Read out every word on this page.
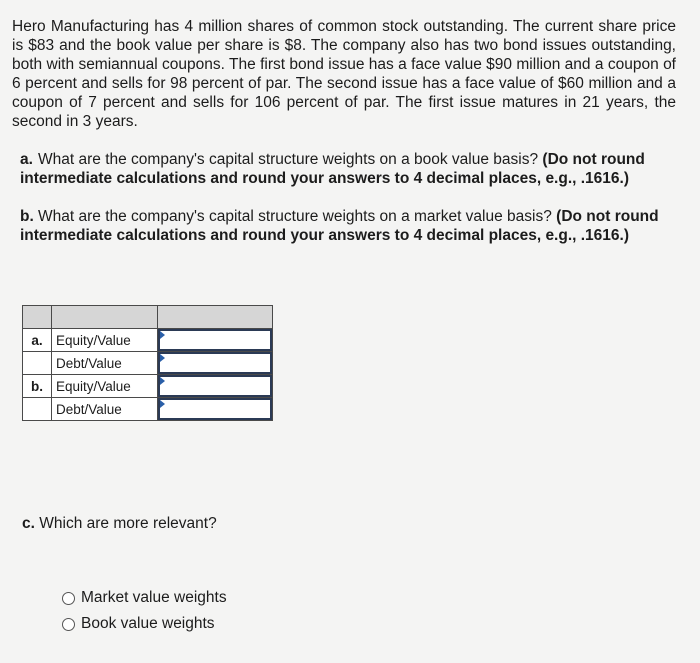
Hero Manufacturing has 4 million shares of common stock outstanding. The current share price is $83 and the book value per share is $8. The company also has two bond issues outstanding, both with semiannual coupons. The first bond issue has a face value $90 million and a coupon of 6 percent and sells for 98 percent of par. The second issue has a face value of $60 million and a coupon of 7 percent and sells for 106 percent of par. The first issue matures in 21 years, the second in 3 years.
a. What are the company's capital structure weights on a book value basis? (Do not round intermediate calculations and round your answers to 4 decimal places, e.g., .1616.)
b. What are the company's capital structure weights on a market value basis? (Do not round intermediate calculations and round your answers to 4 decimal places, e.g., .1616.)

a.	Equity/Value	

	Debt/Value	

b.	Equity/Value	

	Debt/Value	
c. Which are more relevant?
Market value weights
Book value weights
